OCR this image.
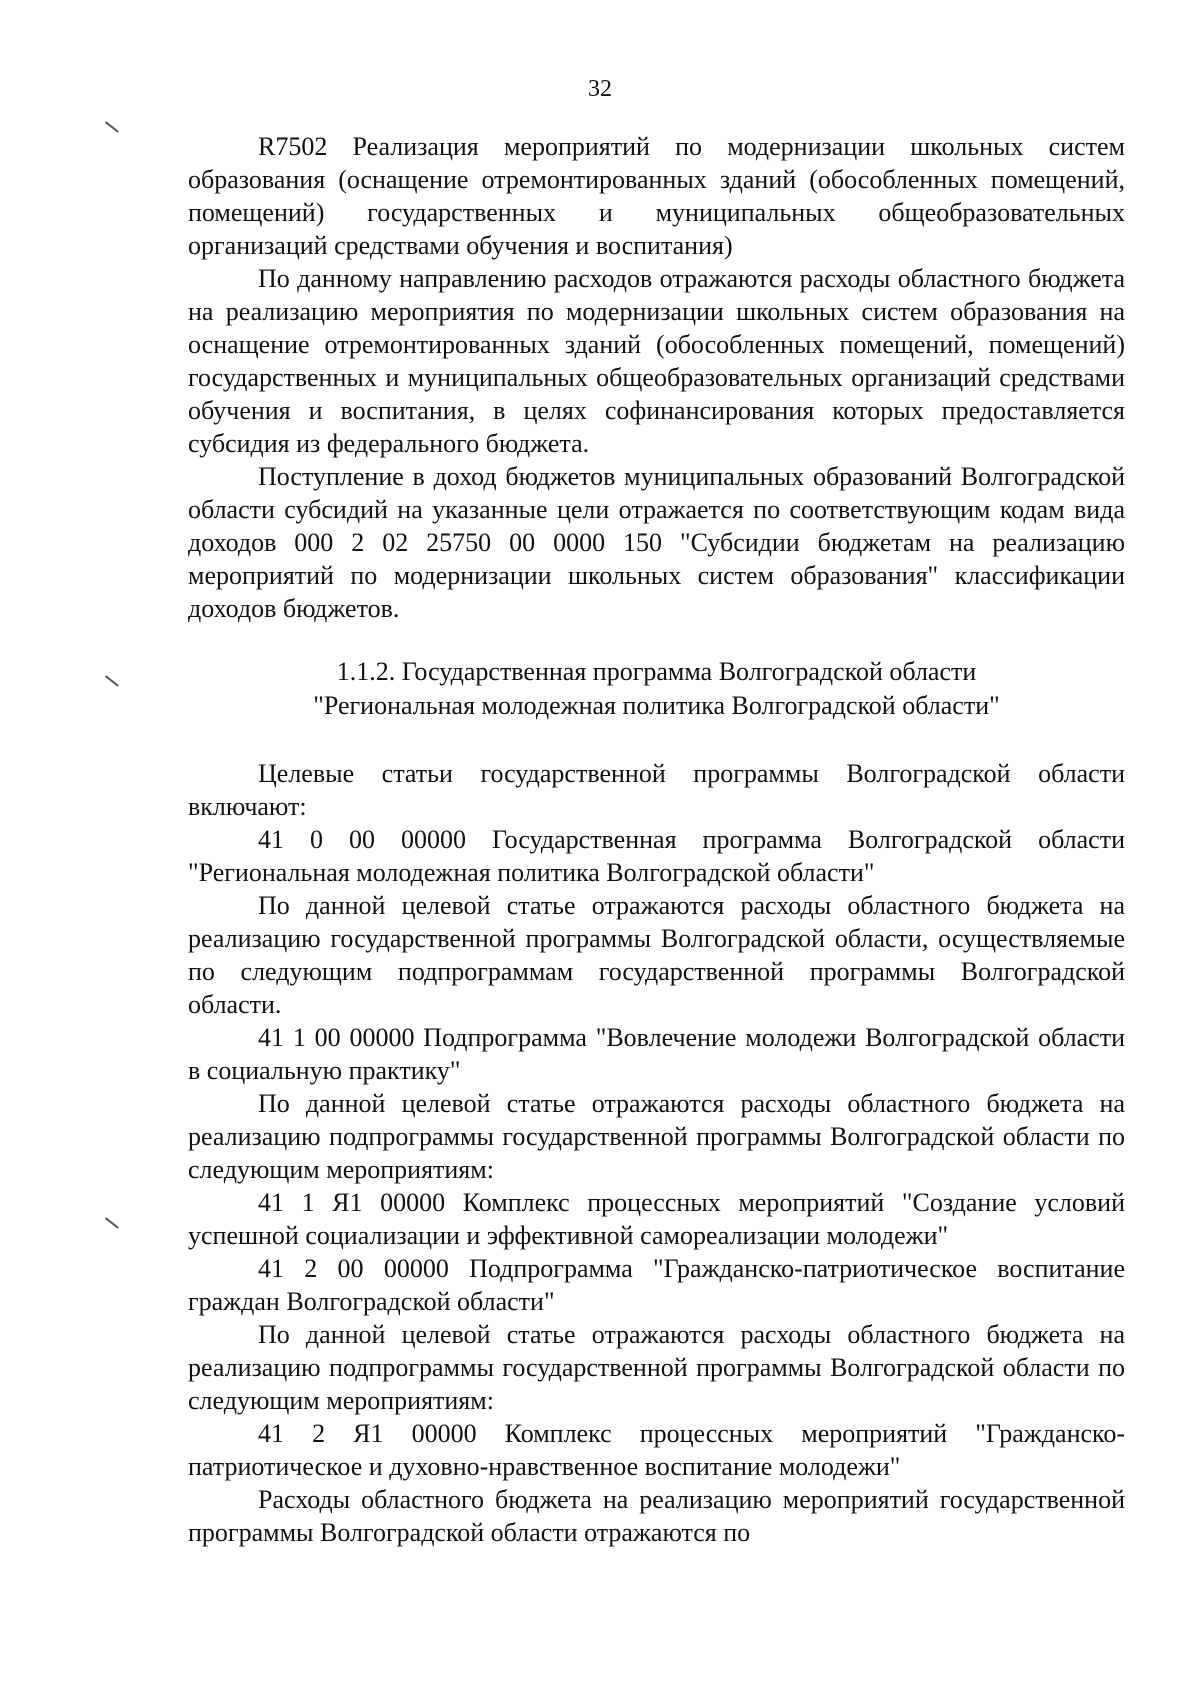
32

R7502 Реализация мероприятий по модернизации школьных систем образования (оснащение отремонтированных зданий (обособленных помещений, помещений) государственных и муниципальных общеобразовательных организаций средствами обучения и воспитания)

По данному направлению расходов отражаются расходы областного бюджета на реализацию мероприятия по модернизации школьных систем образования на оснащение отремонтированных зданий (обособленных помещений, помещений) государственных и муниципальных общеобразовательных организаций средствами обучения и воспитания, в целях софинансирования которых предоставляется субсидия из федерального бюджета.

Поступление в доход бюджетов муниципальных образований Волгоградской области субсидий на указанные цели отражается по соответствующим кодам вида доходов 000 2 02 25750 00 0000 150 "Субсидии бюджетам на реализацию мероприятий по модернизации школьных систем образования" классификации доходов бюджетов.

1.1.2. Государственная программа Волгоградской области
"Региональная молодежная политика Волгоградской области"

Целевые статьи государственной программы Волгоградской области включают:

41 0 00 00000 Государственная программа Волгоградской области "Региональная молодежная политика Волгоградской области"

По данной целевой статье отражаются расходы областного бюджета на реализацию государственной программы Волгоградской области, осуществляемые по следующим подпрограммам государственной программы Волгоградской области.

41 1 00 00000 Подпрограмма "Вовлечение молодежи Волгоградской области в социальную практику"

По данной целевой статье отражаются расходы областного бюджета на реализацию подпрограммы государственной программы Волгоградской области по следующим мероприятиям:

41 1 Я1 00000 Комплекс процессных мероприятий "Создание условий успешной социализации и эффективной самореализации молодежи"

41 2 00 00000 Подпрограмма "Гражданско-патриотическое воспитание граждан Волгоградской области"

По данной целевой статье отражаются расходы областного бюджета на реализацию подпрограммы государственной программы Волгоградской области по следующим мероприятиям:

41 2 Я1 00000 Комплекс процессных мероприятий "Гражданско-патриотическое и духовно-нравственное воспитание молодежи"

Расходы областного бюджета на реализацию мероприятий государственной программы Волгоградской области отражаются по
